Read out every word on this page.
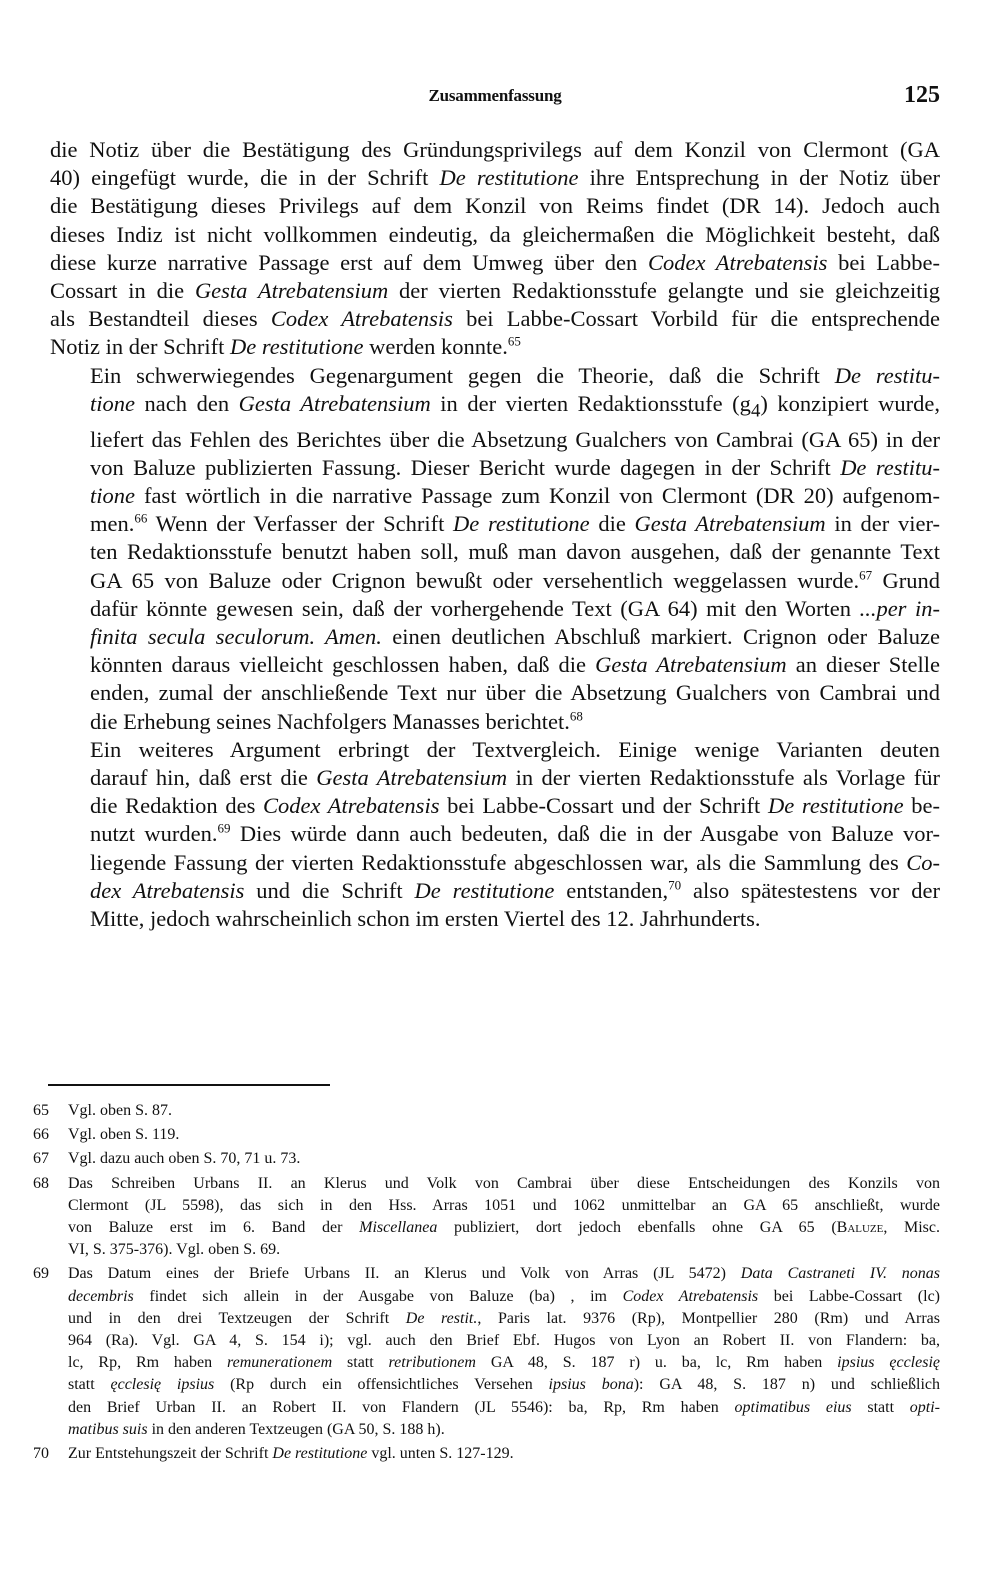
Zusammenfassung	125

die Notiz über die Bestätigung des Gründungsprivilegs auf dem Konzil von Clermont (GA
40) eingefügt wurde, die in der Schrift De restitutione ihre Entsprechung in der Notiz über
die Bestätigung dieses Privilegs auf dem Konzil von Reims findet (DR 14). Jedoch auch
dieses Indiz ist nicht vollkommen eindeutig, da gleichermaßen die Möglichkeit besteht, daß
diese kurze narrative Passage erst auf dem Umweg über den Codex Atrebatensis bei Labbe-
Cossart in die Gesta Atrebatensium der vierten Redaktionsstufe gelangte und sie gleichzeitig
als Bestandteil dieses Codex Atrebatensis bei Labbe-Cossart Vorbild für die entsprechende
Notiz in der Schrift De restitutione werden konnte.$^{65}$

Ein schwerwiegendes Gegenargument gegen die Theorie, daß die Schrift De restitu-
tione nach den Gesta Atrebatensium in der vierten Redaktionsstufe $(g_4)$ konzipiert wurde,
liefert das Fehlen des Berichtes über die Absetzung Gualchers von Cambrai (GA 65) in der
von Baluze publizierten Fassung. Dieser Bericht wurde dagegen in der Schrift De restitu-
tione fast wörtlich in die narrative Passage zum Konzil von Clermont (DR 20) aufgenom-
men.$^{66}$ Wenn der Verfasser der Schrift De restitutione die Gesta Atrebatensium in der vier-
ten Redaktionsstufe benutzt haben soll, muß man davon ausgehen, daß der genannte Text
GA 65 von Baluze oder Crignon bewußt oder versehentlich weggelassen wurde.$^{67}$ Grund
dafür könnte gewesen sein, daß der vorhergehende Text (GA 64) mit den Worten ...per in-
finita secula seculorum. Amen. einen deutlichen Abschluß markiert. Crignon oder Baluze
könnten daraus vielleicht geschlossen haben, daß die Gesta Atrebatensium an dieser Stelle
enden, zumal der anschließende Text nur über die Absetzung Gualchers von Cambrai und
die Erhebung seines Nachfolgers Manasses berichtet.$^{68}$

Ein weiteres Argument erbringt der Textvergleich. Einige wenige Varianten deuten
darauf hin, daß erst die Gesta Atrebatensium in der vierten Redaktionsstufe als Vorlage für
die Redaktion des Codex Atrebatensis bei Labbe-Cossart und der Schrift De restitutione be-
nutzt wurden.$^{69}$ Dies würde dann auch bedeuten, daß die in der Ausgabe von Baluze vor-
liegende Fassung der vierten Redaktionsstufe abgeschlossen war, als die Sammlung des Co-
dex Atrebatensis und die Schrift De restitutione entstanden,$^{70}$ also spätestestens vor der
Mitte, jedoch wahrscheinlich schon im ersten Viertel des 12. Jahrhunderts.

65 Vgl. oben S. 87.
66 Vgl. oben S. 119.
67 Vgl. dazu auch oben S. 70, 71 u. 73.
68 Das Schreiben Urbans II. an Klerus und Volk von Cambrai über diese Entscheidungen des Konzils von
Clermont (JL 5598), das sich in den Hss. Arras 1051 und 1062 unmittelbar an GA 65 anschließt, wurde
von Baluze erst im 6. Band der Miscellanea publiziert, dort jedoch ebenfalls ohne GA 65 (Baluze, Misc.
VI, S. 375-376). Vgl. oben S. 69.
69 Das Datum eines der Briefe Urbans II. an Klerus und Volk von Arras (JL 5472) Data Castraneti IV. nonas
decembris findet sich allein in der Ausgabe von Baluze (ba) , im Codex Atrebatensis bei Labbe-Cossart (lc)
und in den drei Textzeugen der Schrift De restit., Paris lat. 9376 (Rp), Montpellier 280 (Rm) und Arras
964 (Ra). Vgl. GA 4, S. 154 i); vgl. auch den Brief Ebf. Hugos von Lyon an Robert II. von Flandern: ba,
lc, Rp, Rm haben remunerationem statt retributionem GA 48, S. 187 r) u. ba, lc, Rm haben ipsius ęcclesię
statt ęcclesię ipsius (Rp durch ein offensichtliches Versehen ipsius bona): GA 48, S. 187 n) und schließlich
den Brief Urban II. an Robert II. von Flandern (JL 5546): ba, Rp, Rm haben optimatibus eius statt opti-
matibus suis in den anderen Textzeugen (GA 50, S. 188 h).
70 Zur Entstehungszeit der Schrift De restitutione vgl. unten S. 127-129.
